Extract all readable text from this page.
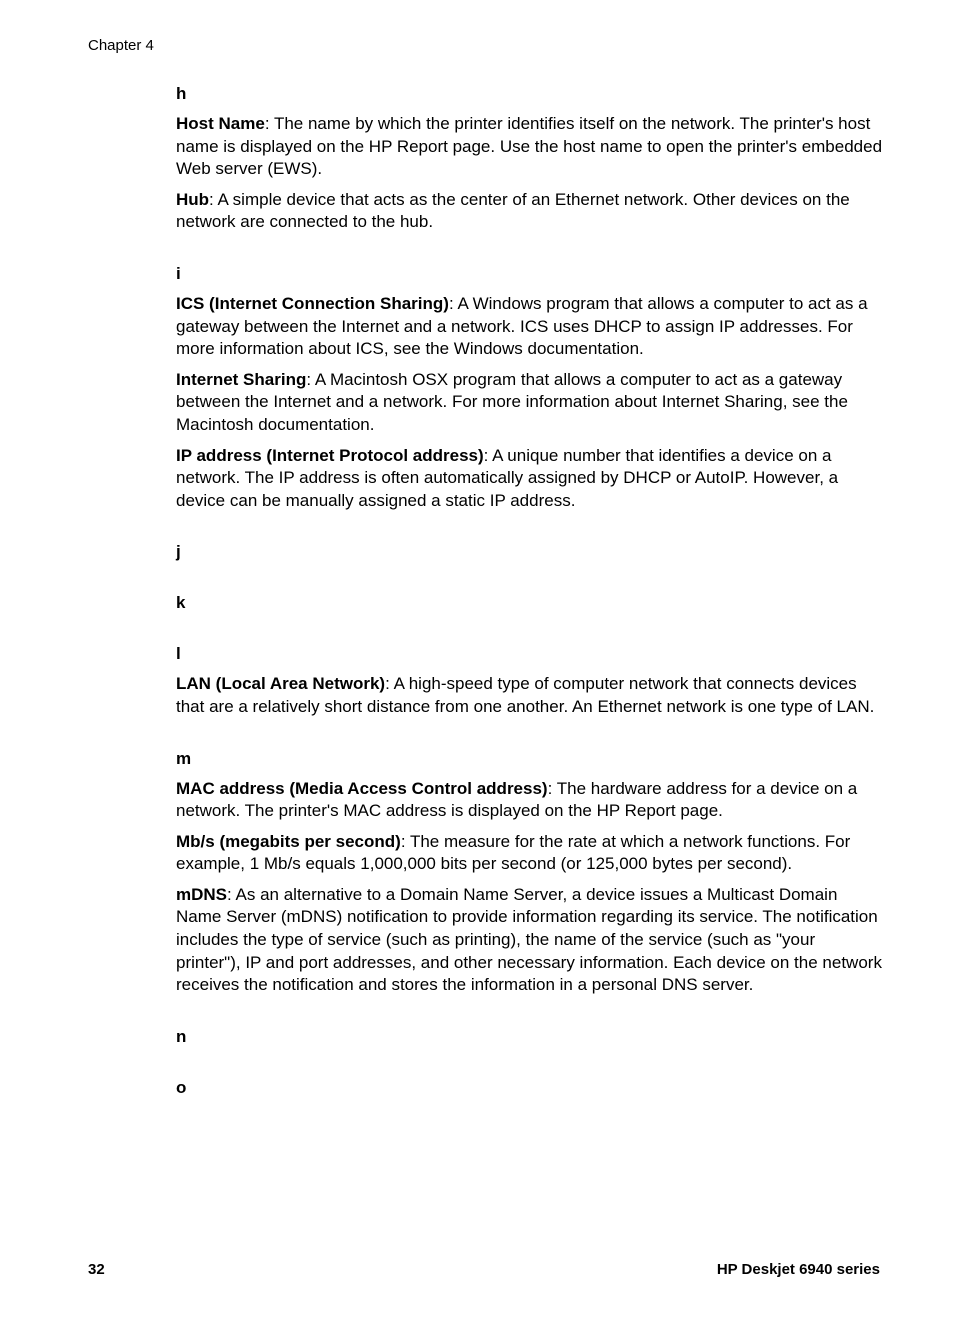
Chapter 4
h

Host Name: The name by which the printer identifies itself on the network. The printer's host name is displayed on the HP Report page. Use the host name to open the printer's embedded Web server (EWS).

Hub: A simple device that acts as the center of an Ethernet network. Other devices on the network are connected to the hub.

i

ICS (Internet Connection Sharing): A Windows program that allows a computer to act as a gateway between the Internet and a network. ICS uses DHCP to assign IP addresses. For more information about ICS, see the Windows documentation.

Internet Sharing: A Macintosh OSX program that allows a computer to act as a gateway between the Internet and a network. For more information about Internet Sharing, see the Macintosh documentation.

IP address (Internet Protocol address): A unique number that identifies a device on a network. The IP address is often automatically assigned by DHCP or AutoIP. However, a device can be manually assigned a static IP address.

j
k
l

LAN (Local Area Network): A high-speed type of computer network that connects devices that are a relatively short distance from one another. An Ethernet network is one type of LAN.

m

MAC address (Media Access Control address): The hardware address for a device on a network. The printer's MAC address is displayed on the HP Report page.

Mb/s (megabits per second): The measure for the rate at which a network functions. For example, 1 Mb/s equals 1,000,000 bits per second (or 125,000 bytes per second).

mDNS: As an alternative to a Domain Name Server, a device issues a Multicast Domain Name Server (mDNS) notification to provide information regarding its service. The notification includes the type of service (such as printing), the name of the service (such as "your printer"), IP and port addresses, and other necessary information. Each device on the network receives the notification and stores the information in a personal DNS server.

n
o
32	HP Deskjet 6940 series
